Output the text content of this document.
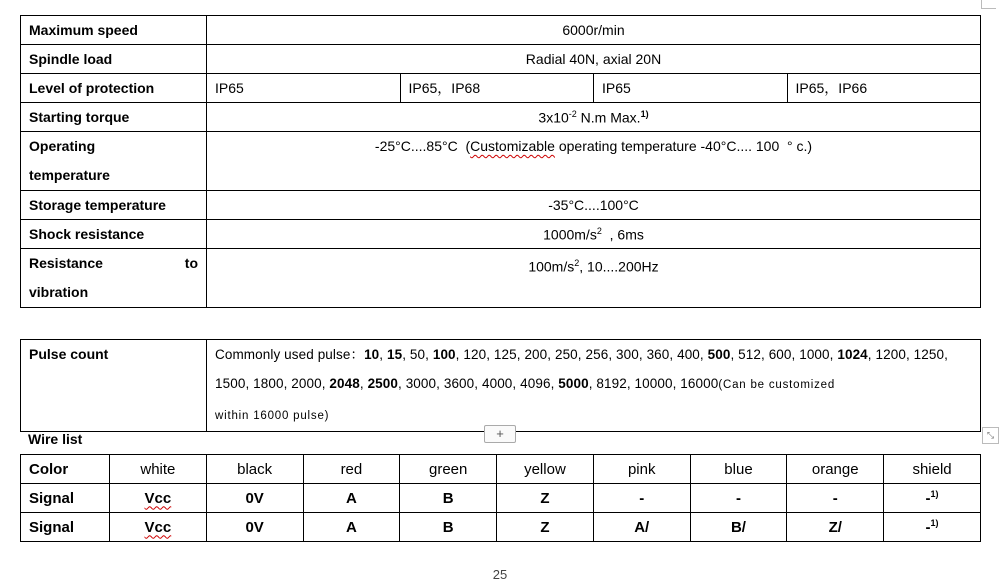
Maximum speed	6000r/min			
Spindle load	Radial 40N, axial 20N			
Level of protection	IP65	IP65，IP68	IP65	IP65，IP66
Starting torque	$3x10^{-2}$ N.m Max.$^{1)}$

Operating
temperature	-25°C....85°C  (Customizable operating temperature -40°C.... 100  ° c.)			
Storage temperature	-35°C....100°C			
Shock resistance	$1000m/s^2$  , 6ms			

Resistance to
vibration	$100m/s^2$, 10....200Hz			
Pulse count	Commonly used pulse：10, 15, 50, 100, 120, 125, 200, 250, 256, 300, 360, 400, 500, 512, 600, 1000, 1024, 1200, 1250, 1500, 1800, 2000, 2048, 2500, 3000, 3600, 4000, 4096, 5000, 8192, 10000, 16000(Can be customized
within 16000 pulse)
Wire list	+	⤡
Color	white	black	red	green	yellow	pink	blue	orange	shield
Signal	Vcc	0V	A	B	Z	-	-	-	-$^{1)}$
Signal	Vcc	0V	A	B	Z	A/	B/	Z/	-$^{1)}$
25
